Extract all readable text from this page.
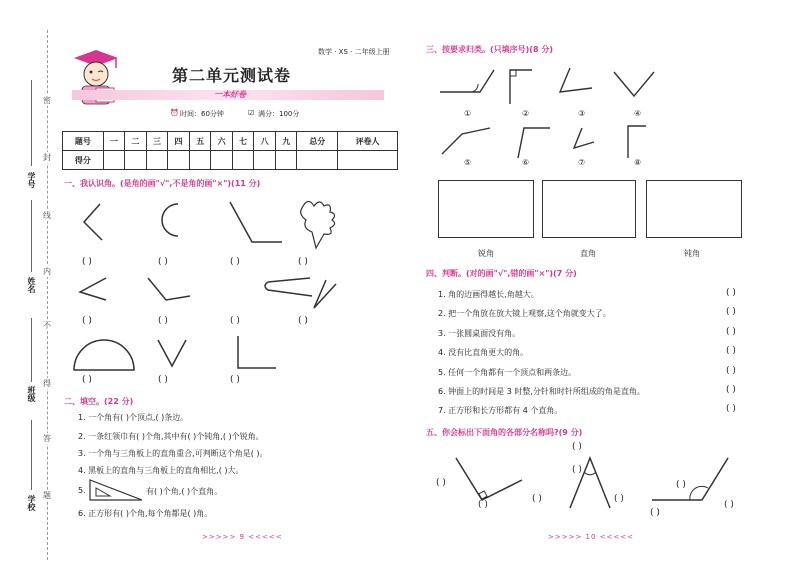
密
封
线
内
不
得
答
题
学号
姓名
班级
学校
数学 · XS · 二年级上册
第二单元测试卷
一本好卷
⏰ 时间：60分钟	☑ 满分：100分
题号	一	二	三	四	五	六	七	八	九	总分	评卷人
得分											
一、我认识角。(是角的画"√",不是角的画"×")(11 分)
( )	( )	( )	( )
( )	( )	( )	( )
( )	( )	( )
二、填空。(22 分)
1. 一个角有( )个顶点,( )条边。
2. 一条红领巾有( )个角,其中有( )个钝角,( )个锐角。
3. 一个角与三角板上的直角重合,可判断这个角是( )。
4. 黑板上的直角与三角板上的直角相比,( )大。
5.	有( )个角,( )个直角。
6. 正方形有( )个角,每个角都是( )角。
>>>>> 9 <<<<<
三、按要求归类。(只填序号)(8 分)
①	②	③	④
⑤	⑥	⑦	⑧
锐角	直角	钝角
四、判断。(对的画"√",错的画"×")(7 分)
1. 角的边画得越长,角越大。
2. 把一个角放在放大镜上观察,这个角就变大了。
3. 一张圆桌面没有角。
4. 没有比直角更大的角。
5. 任何一个角都有一个顶点和两条边。
6. 钟面上的时间是 3 时整,分针和时针所组成的角是直角。
7. 正方形和长方形都有 4 个直角。
( )
( )
( )
( )
( )
( )
( )
五、你会标出下面角的各部分名称吗?(9 分)
( )
( )
( )
( )
( )	( )
( )
( )
( )
>>>>> 10 <<<<<
